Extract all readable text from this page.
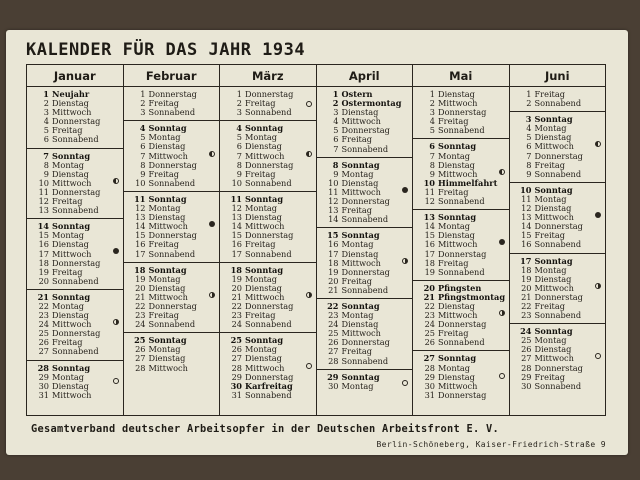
KALENDER FÜR DAS JAHR 1934
Januar
1 Neujahr
2 Dienstag
3 Mittwoch
4 Donnerstag
5 Freitag
6 Sonnabend
7 Sonntag
8 Montag
9 Dienstag
10 Mittwoch
11 Donnerstag
12 Freitag
13 Sonnabend
14 Sonntag
15 Montag
16 Dienstag
17 Mittwoch
18 Donnerstag
19 Freitag
20 Sonnabend
21 Sonntag
22 Montag
23 Dienstag
24 Mittwoch
25 Donnerstag
26 Freitag
27 Sonnabend
28 Sonntag
29 Montag
30 Dienstag
31 Mittwoch
Februar
1 Donnerstag
2 Freitag
3 Sonnabend
4 Sonntag
5 Montag
6 Dienstag
7 Mittwoch
8 Donnerstag
9 Freitag
10 Sonnabend
11 Sonntag
12 Montag
13 Dienstag
14 Mittwoch
15 Donnerstag
16 Freitag
17 Sonnabend
18 Sonntag
19 Montag
20 Dienstag
21 Mittwoch
22 Donnerstag
23 Freitag
24 Sonnabend
25 Sonntag
26 Montag
27 Dienstag
28 Mittwoch
März
1 Donnerstag
2 Freitag
3 Sonnabend
4 Sonntag
5 Montag
6 Dienstag
7 Mittwoch
8 Donnerstag
9 Freitag
10 Sonnabend
11 Sonntag
12 Montag
13 Dienstag
14 Mittwoch
15 Donnerstag
16 Freitag
17 Sonnabend
18 Sonntag
19 Montag
20 Dienstag
21 Mittwoch
22 Donnerstag
23 Freitag
24 Sonnabend
25 Sonntag
26 Montag
27 Dienstag
28 Mittwoch
29 Donnerstag
30 Karfreitag
31 Sonnabend
April
1 Ostern
2 Ostermontag
3 Dienstag
4 Mittwoch
5 Donnerstag
6 Freitag
7 Sonnabend
8 Sonntag
9 Montag
10 Dienstag
11 Mittwoch
12 Donnerstag
13 Freitag
14 Sonnabend
15 Sonntag
16 Montag
17 Dienstag
18 Mittwoch
19 Donnerstag
20 Freitag
21 Sonnabend
22 Sonntag
23 Montag
24 Dienstag
25 Mittwoch
26 Donnerstag
27 Freitag
28 Sonnabend
29 Sonntag
30 Montag
Mai
1 Dienstag
2 Mittwoch
3 Donnerstag
4 Freitag
5 Sonnabend
6 Sonntag
7 Montag
8 Dienstag
9 Mittwoch
10 Himmelfahrt
11 Freitag
12 Sonnabend
13 Sonntag
14 Montag
15 Dienstag
16 Mittwoch
17 Donnerstag
18 Freitag
19 Sonnabend
20 Pfingsten
21 Pfingstmontag
22 Dienstag
23 Mittwoch
24 Donnerstag
25 Freitag
26 Sonnabend
27 Sonntag
28 Montag
29 Dienstag
30 Mittwoch
31 Donnerstag
Juni
1 Freitag
2 Sonnabend
3 Sonntag
4 Montag
5 Dienstag
6 Mittwoch
7 Donnerstag
8 Freitag
9 Sonnabend
10 Sonntag
11 Montag
12 Dienstag
13 Mittwoch
14 Donnerstag
15 Freitag
16 Sonnabend
17 Sonntag
18 Montag
19 Dienstag
20 Mittwoch
21 Donnerstag
22 Freitag
23 Sonnabend
24 Sonntag
25 Montag
26 Dienstag
27 Mittwoch
28 Donnerstag
29 Freitag
30 Sonnabend
Gesamtverband deutscher Arbeitsopfer in der Deutschen Arbeitsfront E. V.
Berlin-Schöneberg, Kaiser-Friedrich-Straße 9
